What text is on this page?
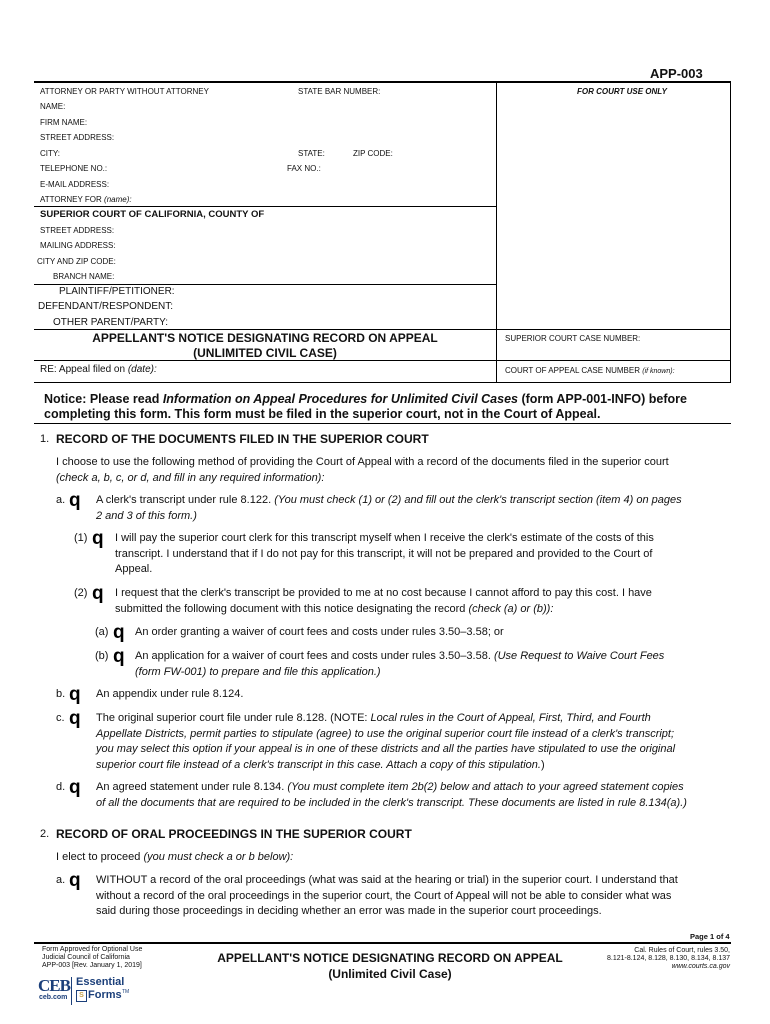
APP-003
ATTORNEY OR PARTY WITHOUT ATTORNEY	STATE BAR NUMBER:	FOR COURT USE ONLY
NAME:
FIRM NAME:
STREET ADDRESS:
CITY:	STATE:	ZIP CODE:
TELEPHONE NO.:	FAX NO.:
E-MAIL ADDRESS:
ATTORNEY FOR (name):
SUPERIOR COURT OF CALIFORNIA, COUNTY OF
STREET ADDRESS:
MAILING ADDRESS:
CITY AND ZIP CODE:
BRANCH NAME:
PLAINTIFF/PETITIONER:
DEFENDANT/RESPONDENT:
OTHER PARENT/PARTY:
APPELLANT'S NOTICE DESIGNATING RECORD ON APPEAL
(UNLIMITED CIVIL CASE)
SUPERIOR COURT CASE NUMBER:
RE: Appeal filed on (date):	COURT OF APPEAL CASE NUMBER (if known):
Notice: Please read Information on Appeal Procedures for Unlimited Civil Cases (form APP-001-INFO) before
completing this form. This form must be filed in the superior court, not in the Court of Appeal.
1. RECORD OF THE DOCUMENTS FILED IN THE SUPERIOR COURT
I choose to use the following method of providing the Court of Appeal with a record of the documents filed in the superior court
(check a, b, c, or d, and fill in any required information):
a. q A clerk's transcript under rule 8.122. (You must check (1) or (2) and fill out the clerk's transcript section (item 4) on pages
2 and 3 of this form.)
(1) q I will pay the superior court clerk for this transcript myself when I receive the clerk's estimate of the costs of this
transcript. I understand that if I do not pay for this transcript, it will not be prepared and provided to the Court of
Appeal.
(2) q I request that the clerk's transcript be provided to me at no cost because I cannot afford to pay this cost. I have
submitted the following document with this notice designating the record (check (a) or (b)):
(a) q An order granting a waiver of court fees and costs under rules 3.50–3.58; or
(b) q An application for a waiver of court fees and costs under rules 3.50–3.58. (Use Request to Waive Court Fees
(form FW-001) to prepare and file this application.)
b. q An appendix under rule 8.124.
c. q The original superior court file under rule 8.128. (NOTE: Local rules in the Court of Appeal, First, Third, and Fourth
Appellate Districts, permit parties to stipulate (agree) to use the original superior court file instead of a clerk's transcript;
you may select this option if your appeal is in one of these districts and all the parties have stipulated to use the original
superior court file instead of a clerk's transcript in this case. Attach a copy of this stipulation.)
d. q An agreed statement under rule 8.134. (You must complete item 2b(2) below and attach to your agreed statement copies
of all the documents that are required to be included in the clerk's transcript. These documents are listed in rule 8.134(a).)
2. RECORD OF ORAL PROCEEDINGS IN THE SUPERIOR COURT
I elect to proceed (you must check a or b below):
a. q WITHOUT a record of the oral proceedings (what was said at the hearing or trial) in the superior court. I understand that
without a record of the oral proceedings in the superior court, the Court of Appeal will not be able to consider what was
said during those proceedings in deciding whether an error was made in the superior court proceedings.
Page 1 of 4
Form Approved for Optional Use
Judicial Council of California
APP-003 [Rev. January 1, 2019]
APPELLANT'S NOTICE DESIGNATING RECORD ON APPEAL
(Unlimited Civil Case)
Cal. Rules of Court, rules 3.50,
8.121-8.124, 8.128, 8.130, 8.134, 8.137
www.courts.ca.gov
CEB
ceb.com
Essential
S Forms TM
